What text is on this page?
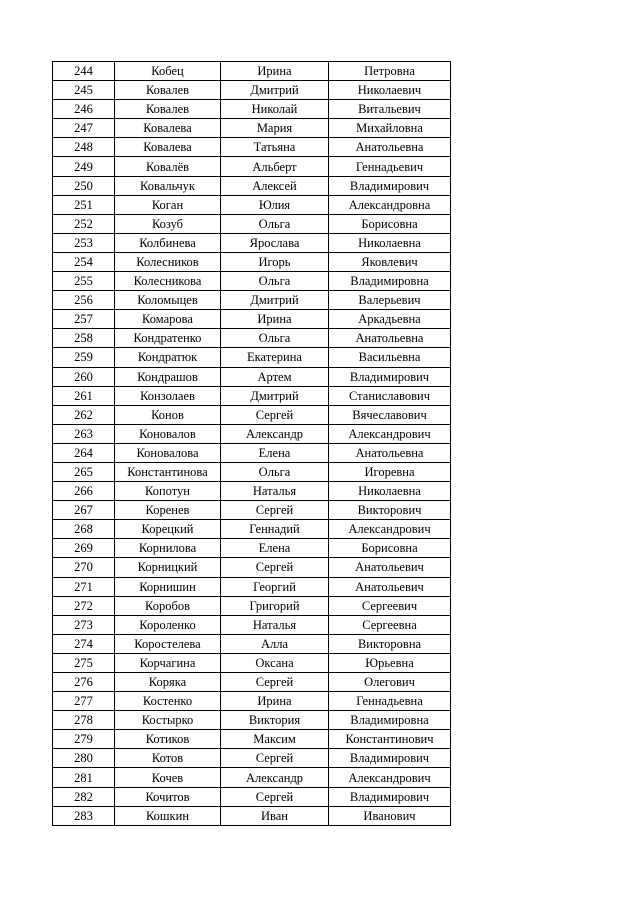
244	Кобец	Ирина	Петровна
245	Ковалев	Дмитрий	Николаевич
246	Ковалев	Николай	Витальевич
247	Ковалева	Мария	Михайловна
248	Ковалева	Татьяна	Анатольевна
249	Ковалёв	Альберт	Геннадьевич
250	Ковальчук	Алексей	Владимирович
251	Коган	Юлия	Александровна
252	Козуб	Ольга	Борисовна
253	Колбинева	Ярослава	Николаевна
254	Колесников	Игорь	Яковлевич
255	Колесникова	Ольга	Владимировна
256	Коломыцев	Дмитрий	Валерьевич
257	Комарова	Ирина	Аркадьевна
258	Кондратенко	Ольга	Анатольевна
259	Кондратюк	Екатерина	Васильевна
260	Кондрашов	Артем	Владимирович
261	Конзолаев	Дмитрий	Станиславович
262	Конов	Сергей	Вячеславович
263	Коновалов	Александр	Александрович
264	Коновалова	Елена	Анатольевна
265	Константинова	Ольга	Игоревна
266	Копотун	Наталья	Николаевна
267	Коренев	Сергей	Викторович
268	Корецкий	Геннадий	Александрович
269	Корнилова	Елена	Борисовна
270	Корницкий	Сергей	Анатольевич
271	Корнишин	Георгий	Анатольевич
272	Коробов	Григорий	Сергеевич
273	Короленко	Наталья	Сергеевна
274	Коростелева	Алла	Викторовна
275	Корчагина	Оксана	Юрьевна
276	Коряка	Сергей	Олегович
277	Костенко	Ирина	Геннадьевна
278	Костырко	Виктория	Владимировна
279	Котиков	Максим	Константинович
280	Котов	Сергей	Владимирович
281	Кочев	Александр	Александрович
282	Кочитов	Сергей	Владимирович
283	Кошкин	Иван	Иванович
